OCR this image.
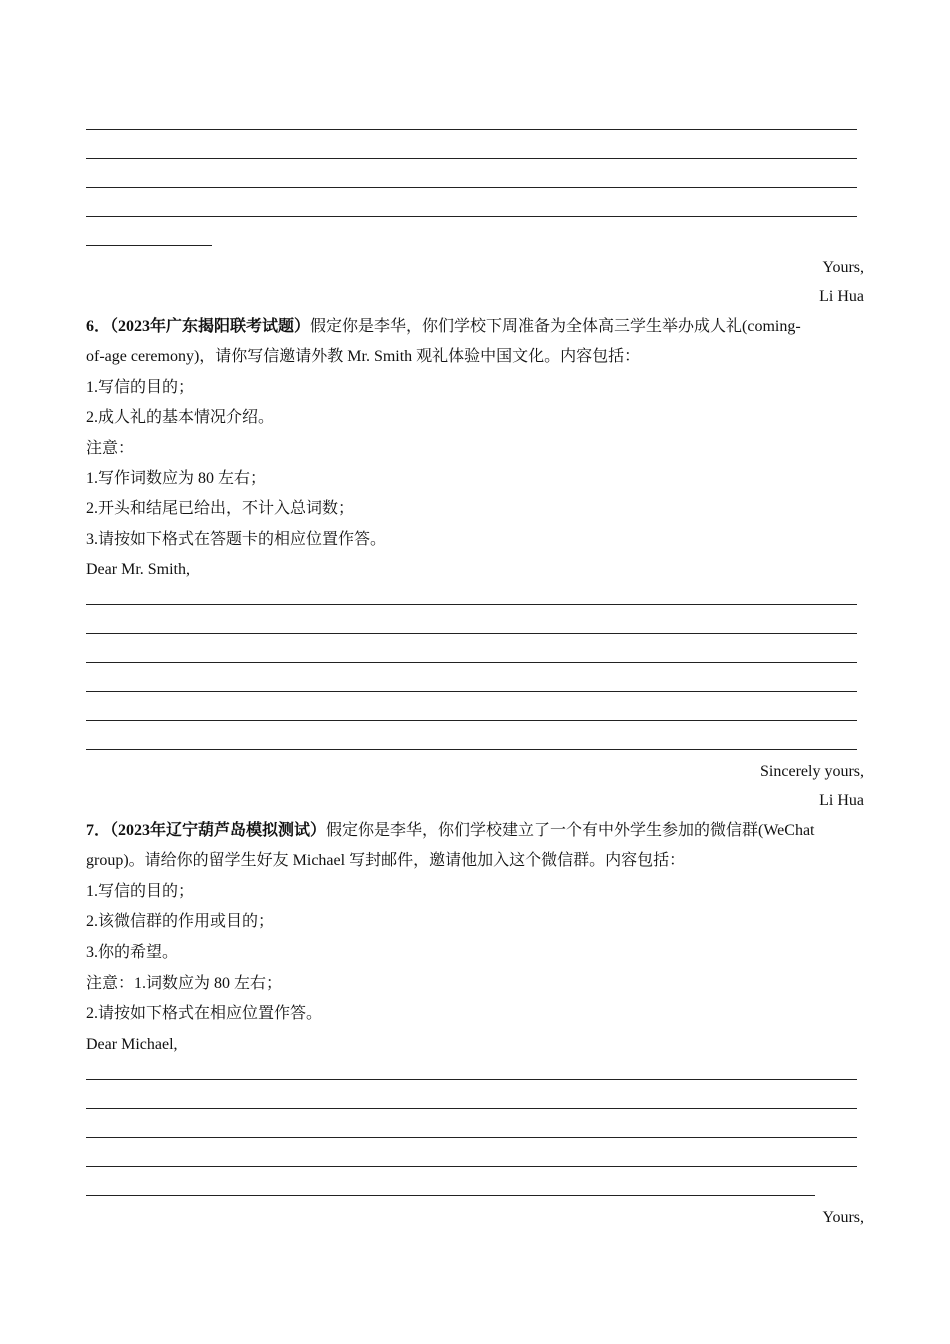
Yours,
Li Hua
6．（2023年广东揭阳联考试题）假定你是李华，你们学校下周准备为全体高三学生举办成人礼(coming-
of-age ceremony)，请你写信邀请外教 Mr. Smith 观礼体验中国文化。内容包括：
1.写信的目的；
2.成人礼的基本情况介绍。
注意：
1.写作词数应为 80 左右；
2.开头和结尾已给出，不计入总词数；
3.请按如下格式在答题卡的相应位置作答。
Dear Mr. Smith,
Sincerely yours,
Li Hua
7．（2023年辽宁葫芦岛模拟测试）假定你是李华，你们学校建立了一个有中外学生参加的微信群(WeChat
group)。请给你的留学生好友 Michael 写封邮件，邀请他加入这个微信群。内容包括：
1.写信的目的；
2.该微信群的作用或目的；
3.你的希望。
注意：1.词数应为 80 左右；
2.请按如下格式在相应位置作答。
Dear Michael,
Yours,
